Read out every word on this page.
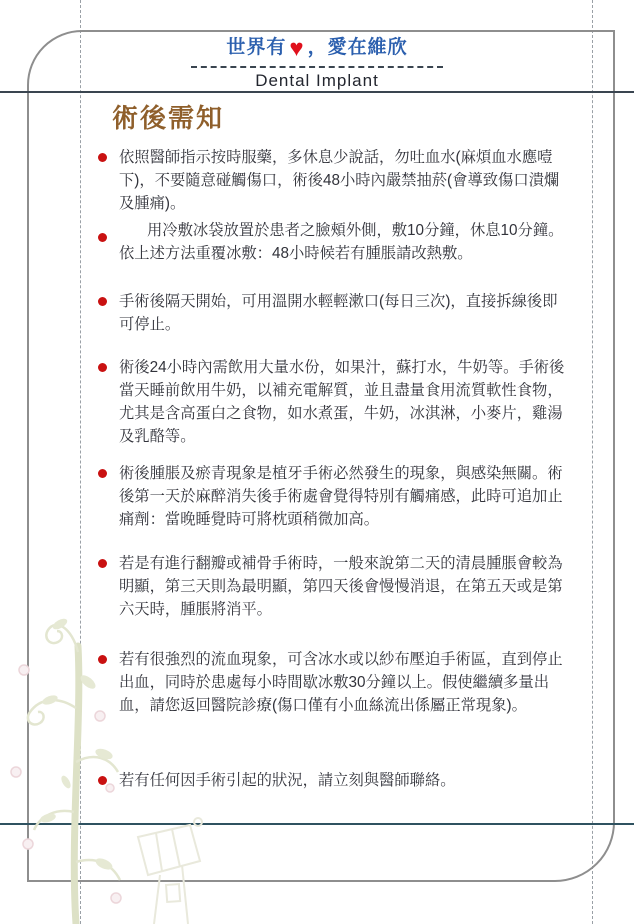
世界有 ♥ ，愛在維欣
Dental Implant
術後需知
依照醫師指示按時服藥，多休息少說話，勿吐血水(麻煩血水應噎下)，不要隨意碰觸傷口，術後48小時內嚴禁抽菸(會導致傷口潰爛及腫痛)。
用冷敷冰袋放置於患者之臉頰外側，敷10分鐘，休息10分鐘。依上述方法重覆冰敷：48小時候若有腫脹請改熱敷。
手術後隔天開始，可用溫開水輕輕漱口(每日三次)，直接拆線後即可停止。
術後24小時內需飲用大量水份，如果汁，蘇打水，牛奶等。手術後當天睡前飲用牛奶，以補充電解質，並且盡量食用流質軟性食物，尤其是含高蛋白之食物，如水煮蛋，牛奶，冰淇淋，小麥片，雞湯及乳酪等。
術後腫脹及瘀青現象是植牙手術必然發生的現象，與感染無關。術後第一天於麻醉消失後手術處會覺得特別有觸痛感，此時可追加止痛劑：當晚睡覺時可將枕頭稍微加高。
若是有進行翻瓣或補骨手術時，一般來說第二天的清晨腫脹會較為明顯，第三天則為最明顯，第四天後會慢慢消退，在第五天或是第六天時，腫脹將消平。
若有很強烈的流血現象，可含冰水或以紗布壓迫手術區，直到停止出血，同時於患處每小時間歇冰敷30分鐘以上。假使繼續多量出血，請您返回醫院診療(傷口僅有小血絲流出係屬正常現象)。
若有任何因手術引起的狀況，請立刻與醫師聯絡。
